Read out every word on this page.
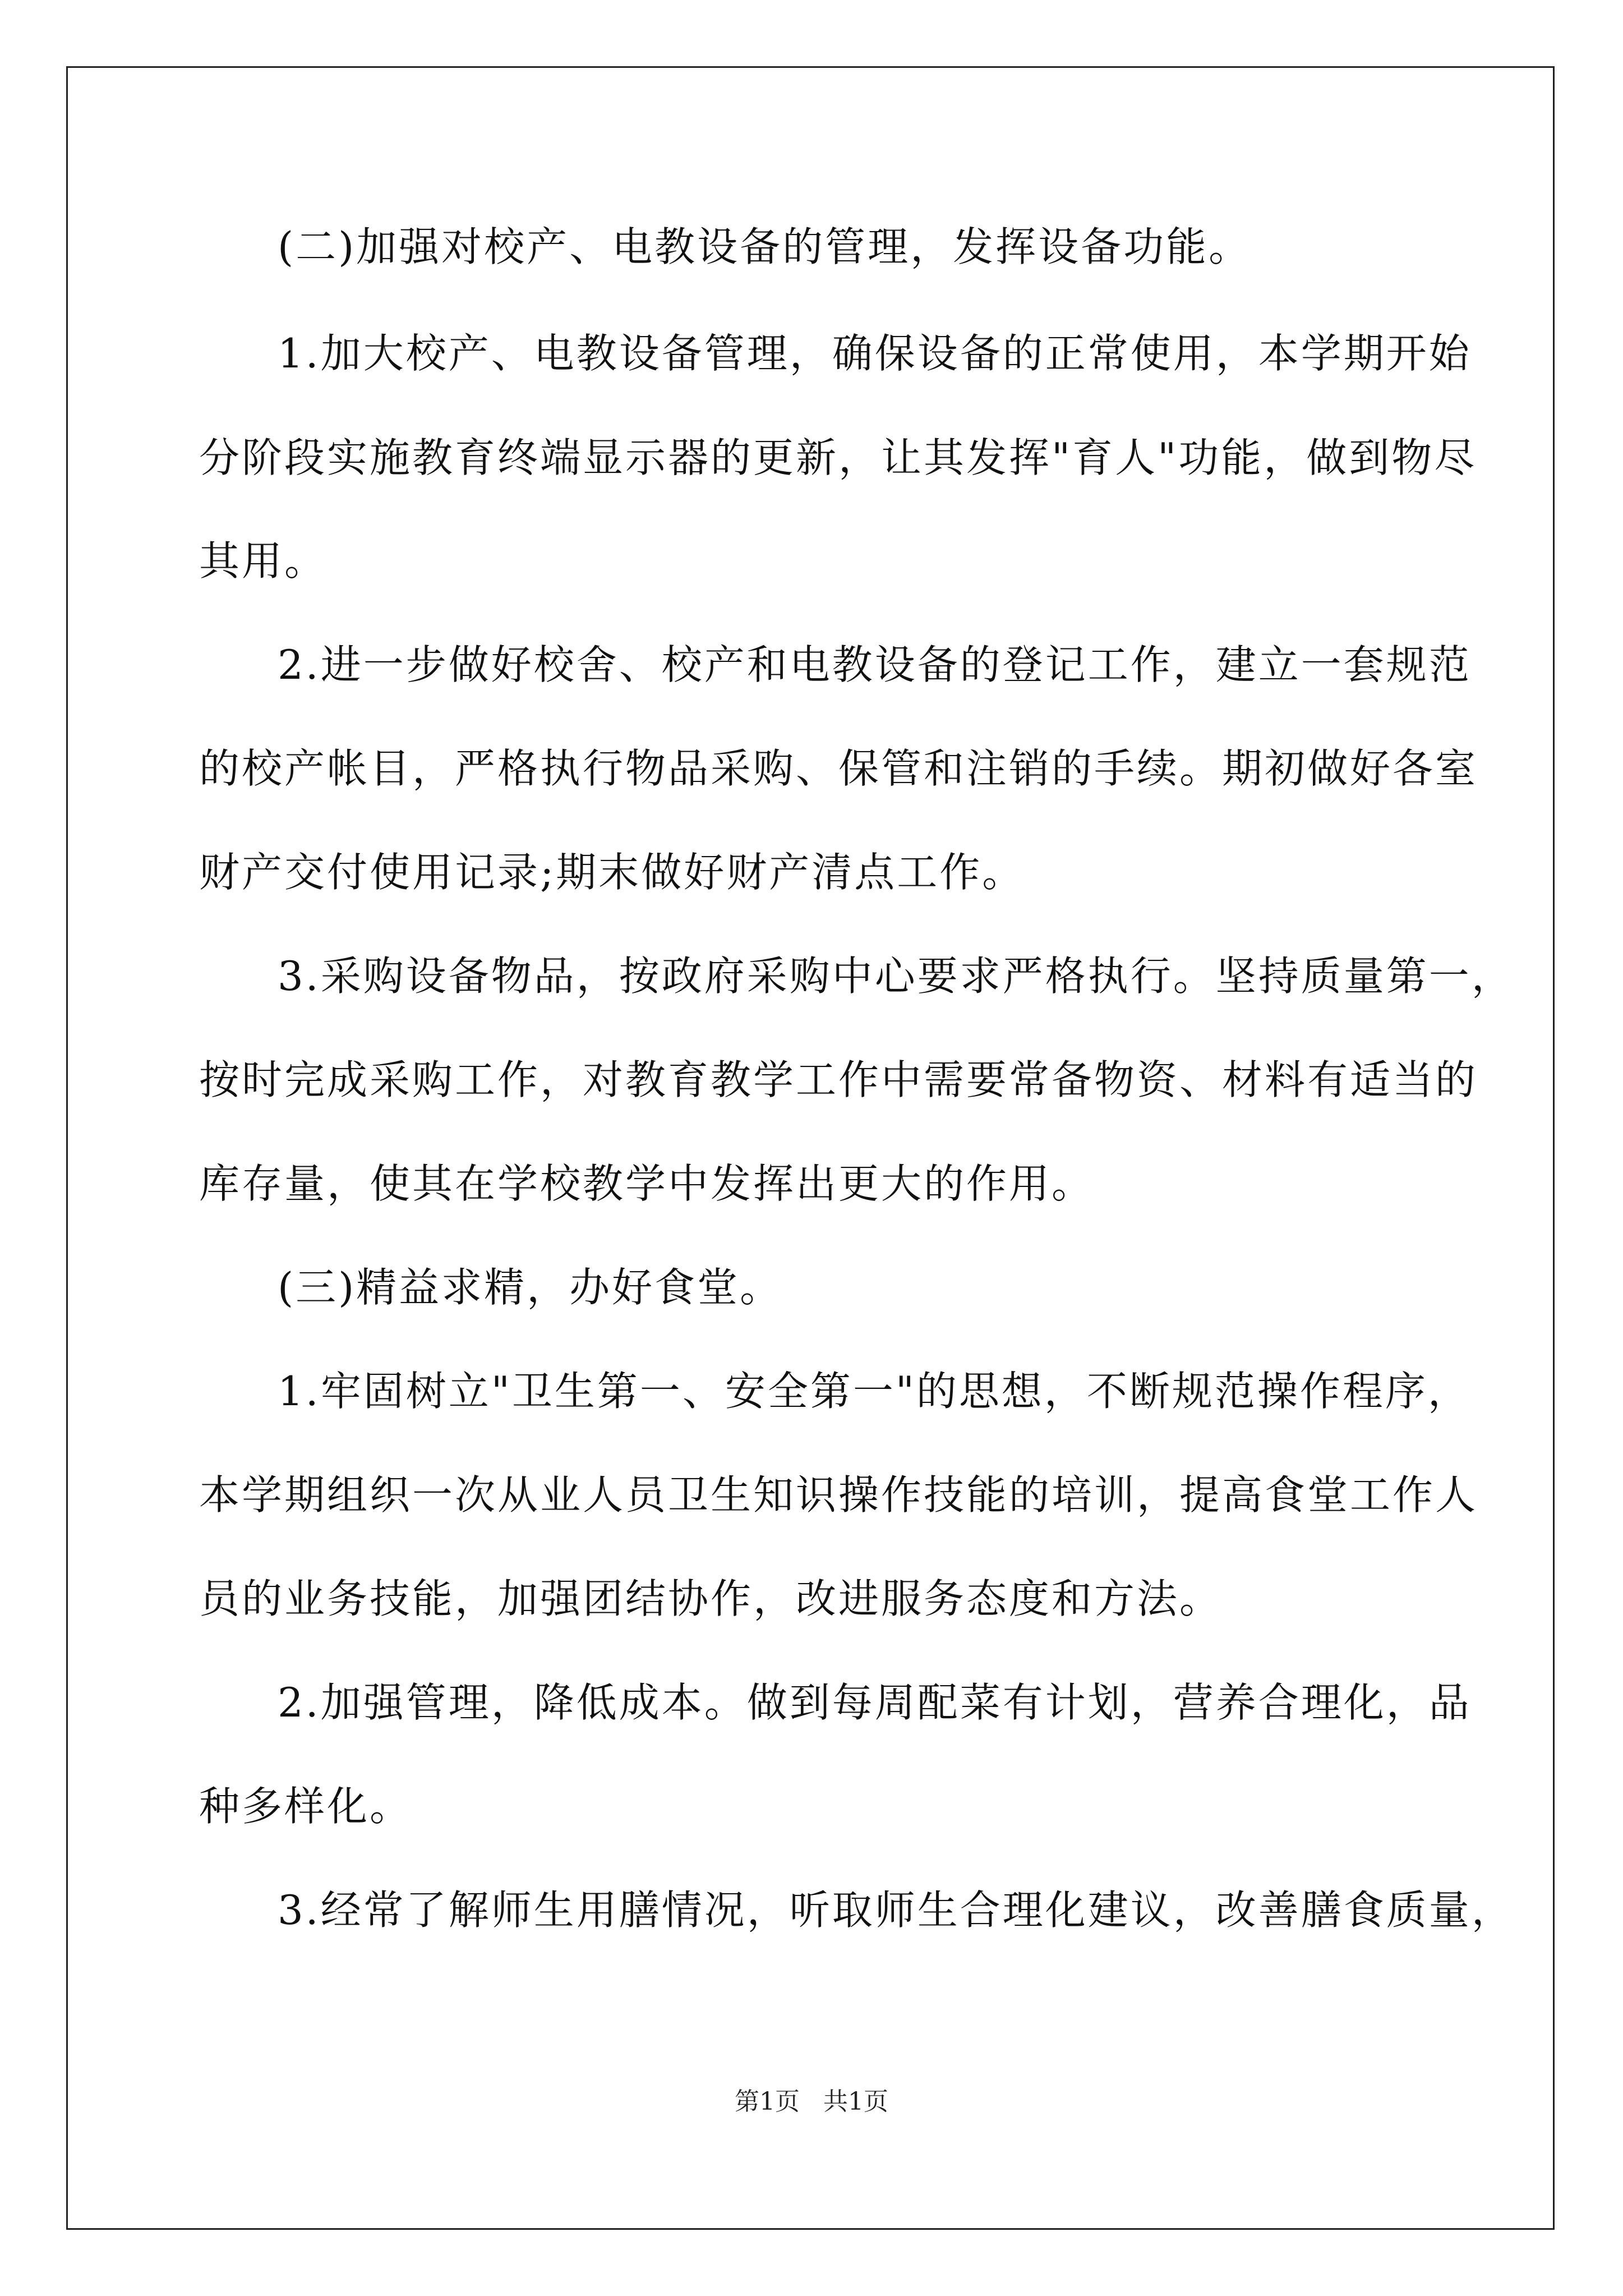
(二)加强对校产、电教设备的管理，发挥设备功能。
1.加大校产、电教设备管理，确保设备的正常使用，本学期开始
分阶段实施教育终端显示器的更新，让其发挥"育人"功能，做到物尽
其用。
2.进一步做好校舍、校产和电教设备的登记工作，建立一套规范
的校产帐目，严格执行物品采购、保管和注销的手续。期初做好各室
财产交付使用记录;期末做好财产清点工作。
3.采购设备物品，按政府采购中心要求严格执行。坚持质量第一，
按时完成采购工作，对教育教学工作中需要常备物资、材料有适当的
库存量，使其在学校教学中发挥出更大的作用。
(三)精益求精，办好食堂。
1.牢固树立"卫生第一、安全第一"的思想，不断规范操作程序，
本学期组织一次从业人员卫生知识操作技能的培训，提高食堂工作人
员的业务技能，加强团结协作，改进服务态度和方法。
2.加强管理，降低成本。做到每周配菜有计划，营养合理化，品
种多样化。
3.经常了解师生用膳情况，听取师生合理化建议，改善膳食质量，
第1页   共1页
